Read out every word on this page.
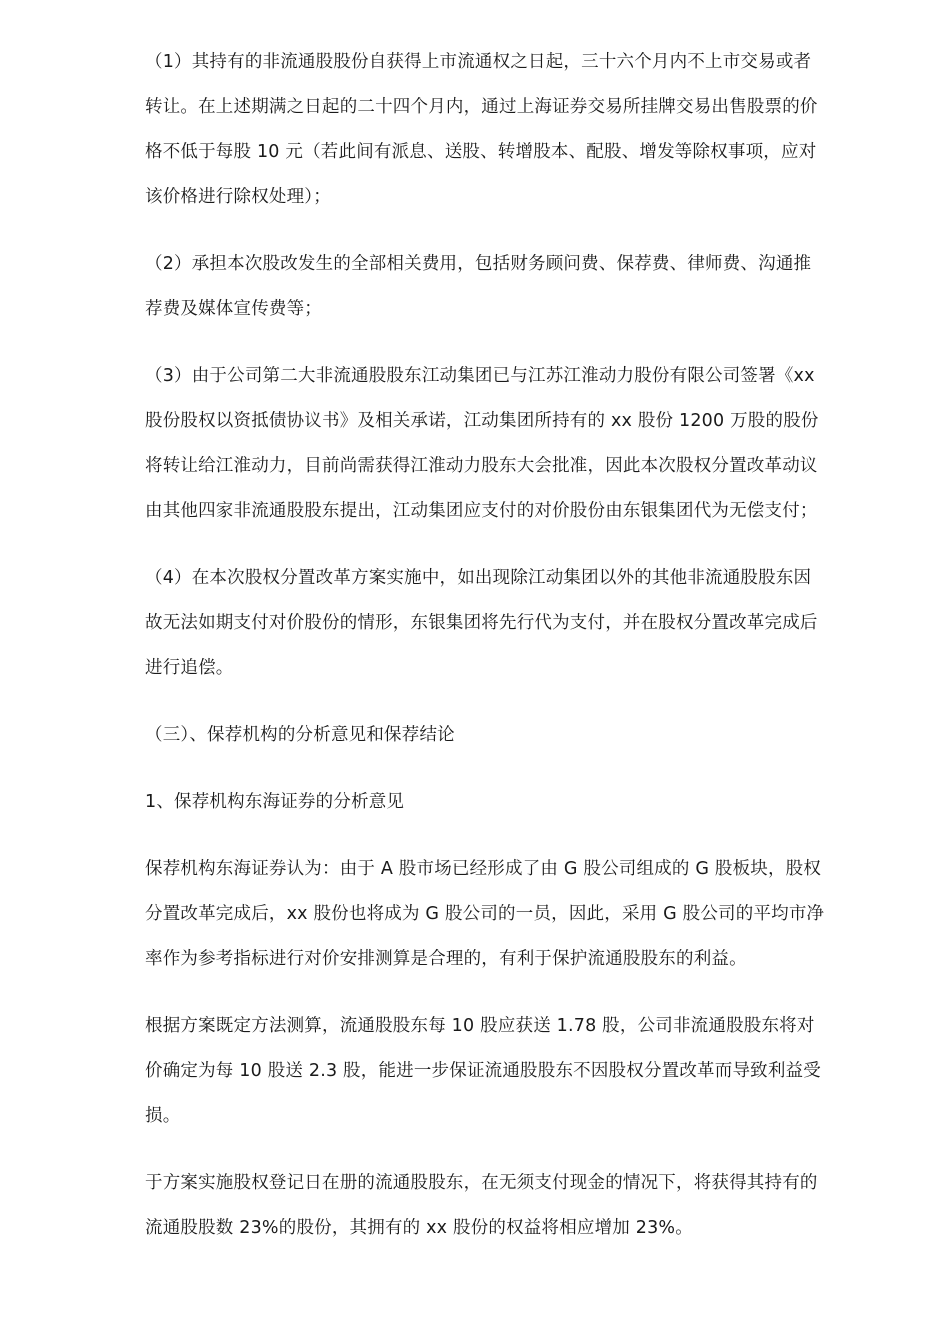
（1）其持有的非流通股股份自获得上市流通权之日起，三十六个月内不上市交易或者
转让。在上述期满之日起的二十四个月内，通过上海证券交易所挂牌交易出售股票的价
格不低于每股 10 元（若此间有派息、送股、转增股本、配股、增发等除权事项，应对
该价格进行除权处理）；

（2）承担本次股改发生的全部相关费用，包括财务顾问费、保荐费、律师费、沟通推
荐费及媒体宣传费等；

（3）由于公司第二大非流通股股东江动集团已与江苏江淮动力股份有限公司签署《xx
股份股权以资抵债协议书》及相关承诺，江动集团所持有的 xx 股份 1200 万股的股份
将转让给江淮动力，目前尚需获得江淮动力股东大会批准，因此本次股权分置改革动议
由其他四家非流通股股东提出，江动集团应支付的对价股份由东银集团代为无偿支付；

（4）在本次股权分置改革方案实施中，如出现除江动集团以外的其他非流通股股东因
故无法如期支付对价股份的情形，东银集团将先行代为支付，并在股权分置改革完成后
进行追偿。

（三）、保荐机构的分析意见和保荐结论

1、保荐机构东海证券的分析意见

保荐机构东海证券认为：由于 A 股市场已经形成了由 G 股公司组成的 G 股板块，股权
分置改革完成后，xx 股份也将成为 G 股公司的一员，因此，采用 G 股公司的平均市净
率作为参考指标进行对价安排测算是合理的，有利于保护流通股股东的利益。

根据方案既定方法测算，流通股股东每 10 股应获送 1.78 股，公司非流通股股东将对
价确定为每 10 股送 2.3 股，能进一步保证流通股股东不因股权分置改革而导致利益受
损。

于方案实施股权登记日在册的流通股股东，在无须支付现金的情况下，将获得其持有的
流通股股数 23%的股份，其拥有的 xx 股份的权益将相应增加 23%。
